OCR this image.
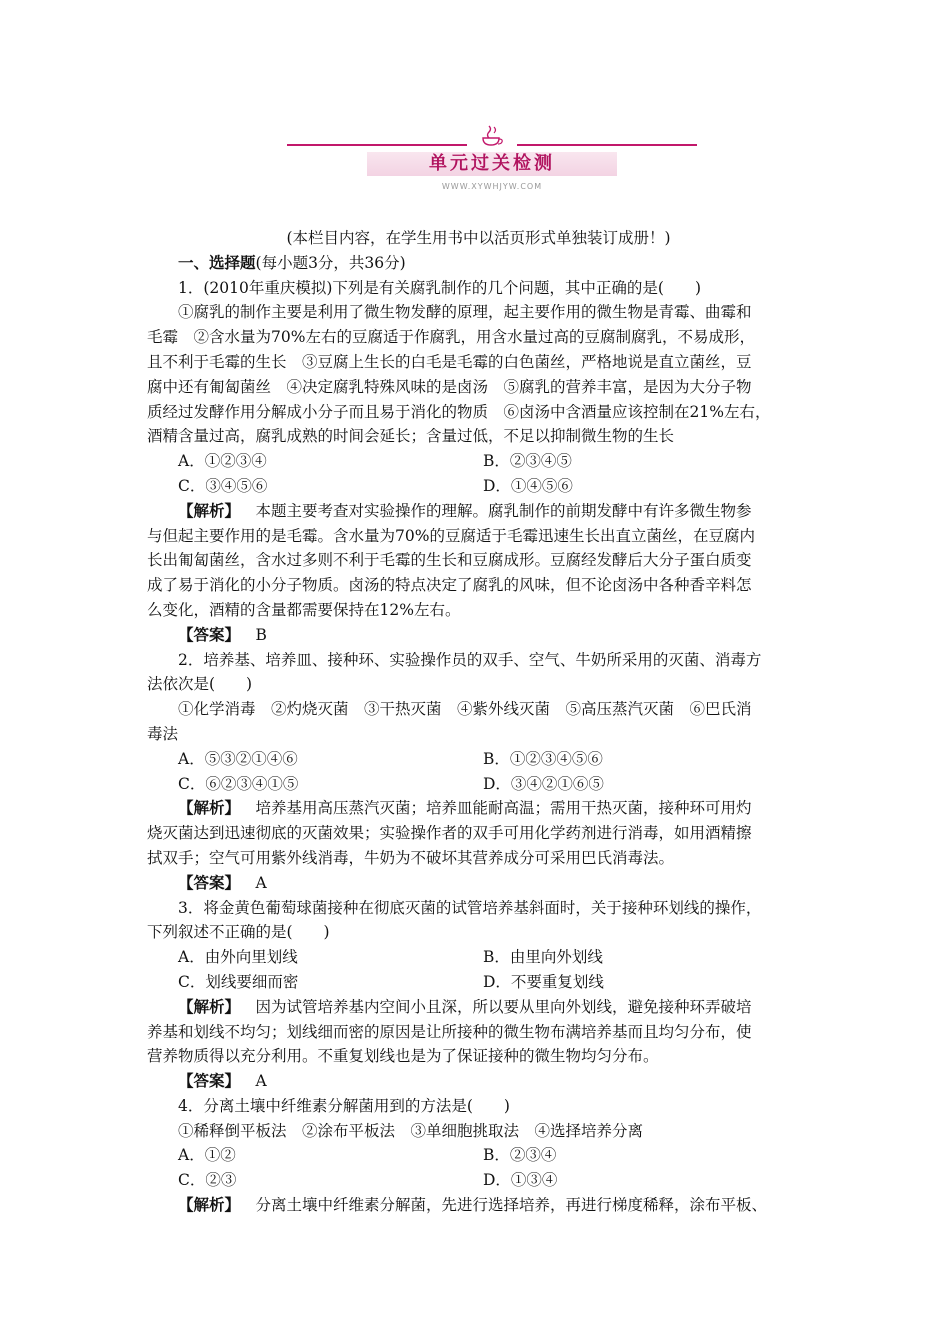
单元过关检测
WWW.XYWHJYW.COM

(本栏目内容，在学生用书中以活页形式单独装订成册！)

一、选择题(每小题3分，共36分)

1．(2010年重庆模拟)下列是有关腐乳制作的几个问题，其中正确的是(　　)

①腐乳的制作主要是利用了微生物发酵的原理，起主要作用的微生物是青霉、曲霉和

毛霉　②含水量为70%左右的豆腐适于作腐乳，用含水量过高的豆腐制腐乳，不易成形，

且不利于毛霉的生长　③豆腐上生长的白毛是毛霉的白色菌丝，严格地说是直立菌丝，豆

腐中还有匍匐菌丝　④决定腐乳特殊风味的是卤汤　⑤腐乳的营养丰富，是因为大分子物

质经过发酵作用分解成小分子而且易于消化的物质　⑥卤汤中含酒量应该控制在21%左右，

酒精含量过高，腐乳成熟的时间会延长；含量过低，不足以抑制微生物的生长

A．①②③④	B．②③④⑤
C．③④⑤⑥	D．①④⑤⑥

【解析】  本题主要考查对实验操作的理解。腐乳制作的前期发酵中有许多微生物参

与但起主要作用的是毛霉。含水量为70%的豆腐适于毛霉迅速生长出直立菌丝，在豆腐内

长出匍匐菌丝，含水过多则不利于毛霉的生长和豆腐成形。豆腐经发酵后大分子蛋白质变

成了易于消化的小分子物质。卤汤的特点决定了腐乳的风味，但不论卤汤中各种香辛料怎

么变化，酒精的含量都需要保持在12%左右。

【答案】  B

2．培养基、培养皿、接种环、实验操作员的双手、空气、牛奶所采用的灭菌、消毒方

法依次是(　　)

①化学消毒　②灼烧灭菌　③干热灭菌　④紫外线灭菌　⑤高压蒸汽灭菌　⑥巴氏消

毒法

A．⑤③②①④⑥	B．①②③④⑤⑥
C．⑥②③④①⑤	D．③④②①⑥⑤

【解析】  培养基用高压蒸汽灭菌；培养皿能耐高温；需用干热灭菌，接种环可用灼

烧灭菌达到迅速彻底的灭菌效果；实验操作者的双手可用化学药剂进行消毒，如用酒精擦

拭双手；空气可用紫外线消毒，牛奶为不破坏其营养成分可采用巴氏消毒法。

【答案】  A

3．将金黄色葡萄球菌接种在彻底灭菌的试管培养基斜面时，关于接种环划线的操作，

下列叙述不正确的是(　　)

A．由外向里划线	B．由里向外划线
C．划线要细而密	D．不要重复划线

【解析】  因为试管培养基内空间小且深，所以要从里向外划线，避免接种环弄破培

养基和划线不均匀；划线细而密的原因是让所接种的微生物布满培养基而且均匀分布，使

营养物质得以充分利用。不重复划线也是为了保证接种的微生物均匀分布。

【答案】  A

4．分离土壤中纤维素分解菌用到的方法是(　　)

①稀释倒平板法　②涂布平板法　③单细胞挑取法　④选择培养分离

A．①②	B．②③④
C．②③	D．①③④

【解析】  分离土壤中纤维素分解菌，先进行选择培养，再进行梯度稀释，涂布平板、
